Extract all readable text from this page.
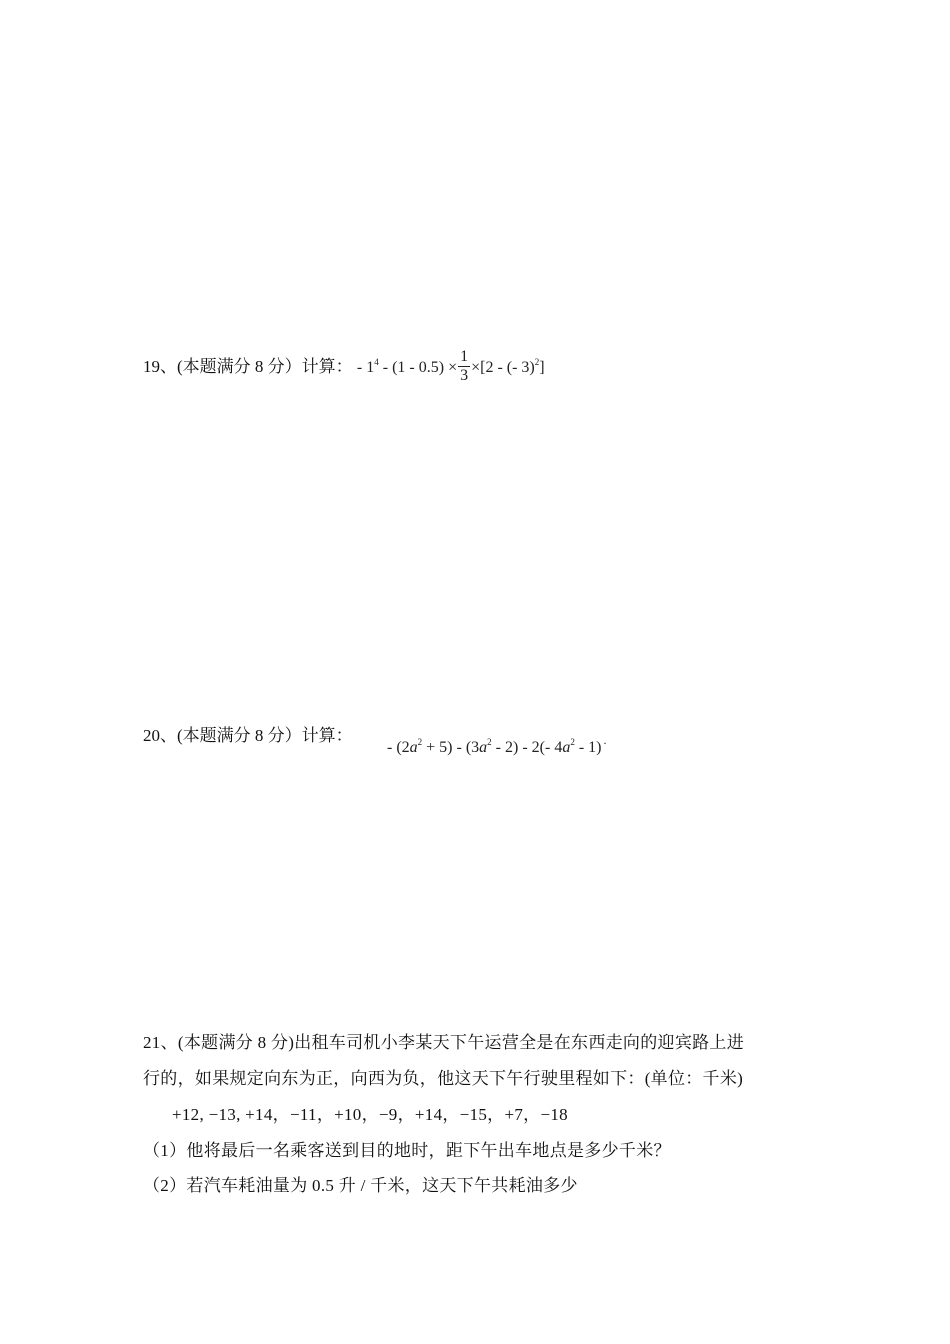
19、(本题满分 8 分）计算： - $1^4 - (1 - 0.5) \times \frac{1}{3} \times[2$ - (- 3)$^2$]
20、(本题满分 8 分）计算：
- $(2a^2 + 5) - (3a^2 - 2) - 2(-$ $4a^2 - 1$) .
21、(本题满分 8 分)出租车司机小李某天下午运营全是在东西走向的迎宾路上进
行的，如果规定向东为正，向西为负，他这天下午行驶里程如下：(单位：千米)
+12, −13, +14，−11，+10，−9，+14，−15，+7，−18
（1）他将最后一名乘客送到目的地时，距下午出车地点是多少千米？
（2）若汽车耗油量为 0.5 升 / 千米，这天下午共耗油多少
